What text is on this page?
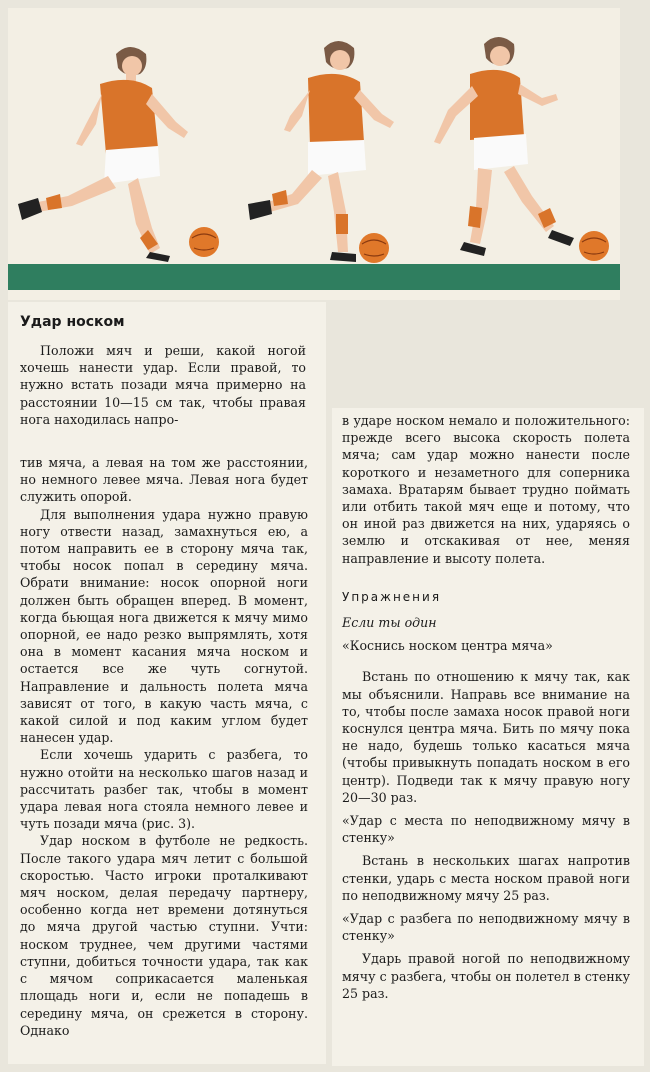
Удар носком

Положи мяч и реши, какой ногой хочешь нанести удар. Если правой, то нужно встать позади мяча примерно на расстоянии 10—15 см так, чтобы правая нога находилась напро-

тив мяча, а левая на том же расстоянии, но немного левее мяча. Левая нога будет служить опорой.

Для выполнения удара нужно правую ногу отвести назад, замахнуться ею, а потом направить ее в сторону мяча так, чтобы носок попал в середину мяча. Обрати внимание: носок опорной ноги должен быть обращен вперед. В момент, когда бьющая нога движется к мячу мимо опорной, ее надо резко выпрямлять, хотя она в момент касания мяча носком и остается все же чуть согнутой. Направление и дальность полета мяча зависят от того, в какую часть мяча, с какой силой и под каким углом будет нанесен удар.

Если хочешь ударить с разбега, то нужно отойти на несколько шагов назад и рассчитать разбег так, чтобы в момент удара левая нога стояла немного левее и чуть позади мяча (рис. 3).

Удар носком в футболе не редкость. После такого удара мяч летит с большой скоростью. Часто игроки проталкивают мяч носком, делая передачу партнеру, особенно когда нет времени дотянуться до мяча другой частью ступни. Учти: носком труднее, чем другими частями ступни, добиться точности удара, так как с мячом соприкасается маленькая площадь ноги и, если не попадешь в середину мяча, он срежется в сторону. Однако

в ударе носком немало и положительного: прежде всего высока скорость полета мяча; сам удар можно нанести после короткого и незаметного для соперника замаха. Вратарям бывает трудно поймать или отбить такой мяч еще и потому, что он иной раз движется на них, ударяясь о землю и отскакивая от нее, меняя направление и высоту полета.

Упражнения

Если ты один

«Коснись носком центра мяча»

Встань по отношению к мячу так, как мы объяснили. Направь все внимание на то, чтобы после замаха носок правой ноги коснулся центра мяча. Бить по мячу пока не надо, будешь только касаться мяча (чтобы привыкнуть попадать носком в его центр). Подведи так к мячу правую ногу 20—30 раз.

«Удар с места по неподвижному мячу в стенку»

Встань в нескольких шагах напротив стенки, ударь с места носком правой ноги по неподвижному мячу 25 раз.

«Удар с разбега по неподвижному мячу в стенку»

Ударь правой ногой по неподвижному мячу с разбега, чтобы он полетел в стенку 25 раз.
